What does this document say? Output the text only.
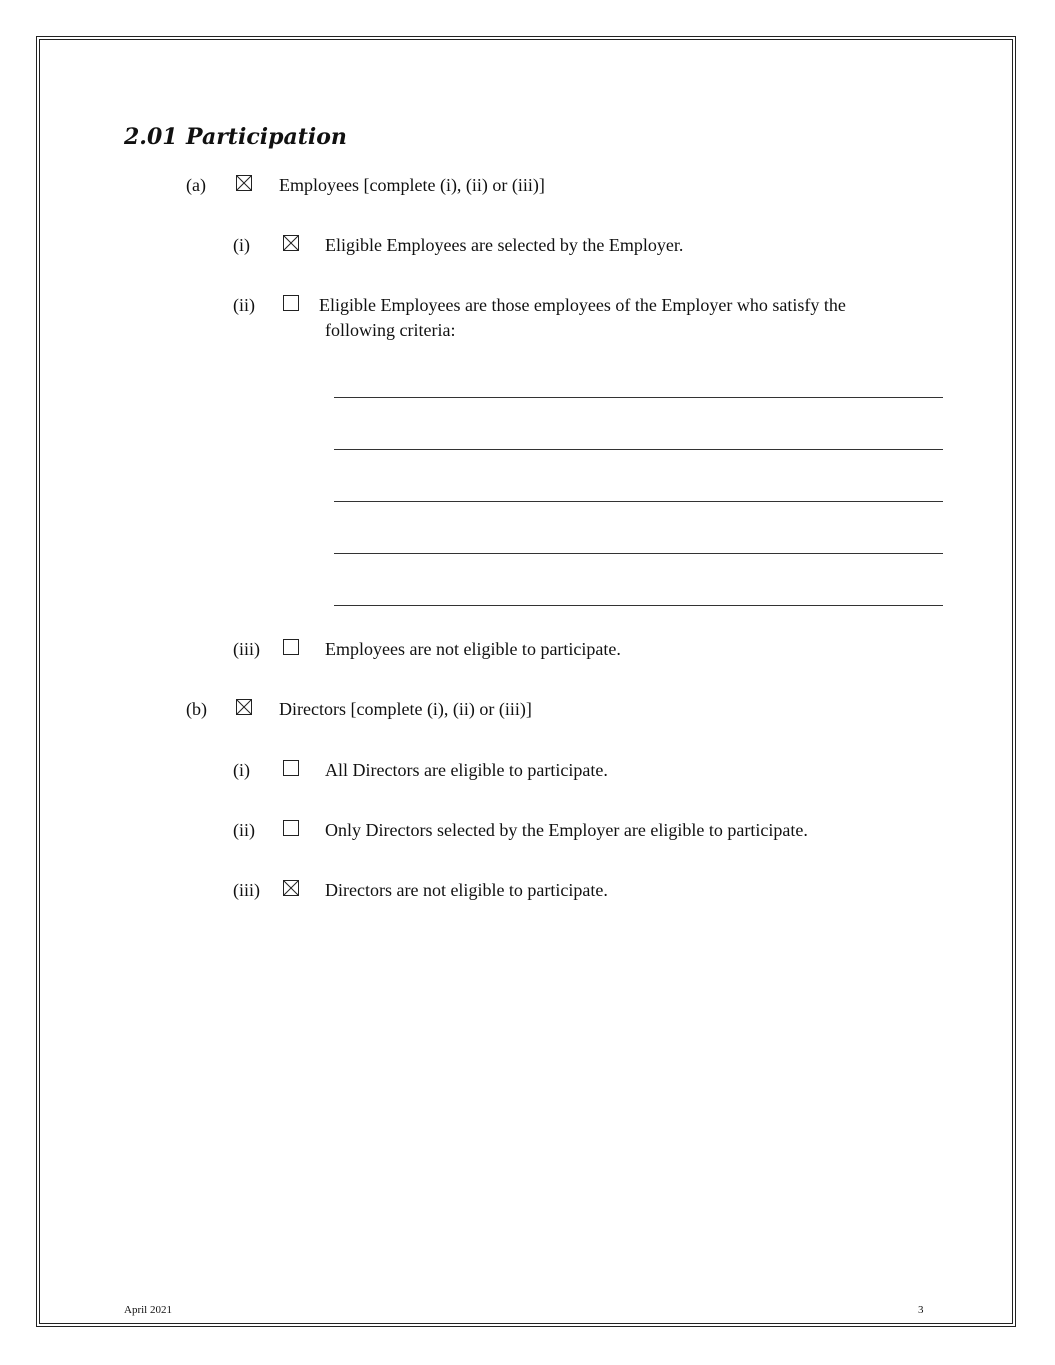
2.01 Participation
(a)	Employees [complete (i), (ii) or (iii)]
(i)	Eligible Employees are selected by the Employer.
(ii)	Eligible Employees are those employees of the Employer who satisfy the
following criteria:
(iii)	Employees are not eligible to participate.
(b)	Directors [complete (i), (ii) or (iii)]
(i)	All Directors are eligible to participate.
(ii)	Only Directors selected by the Employer are eligible to participate.
(iii)	Directors are not eligible to participate.
April 2021	3
